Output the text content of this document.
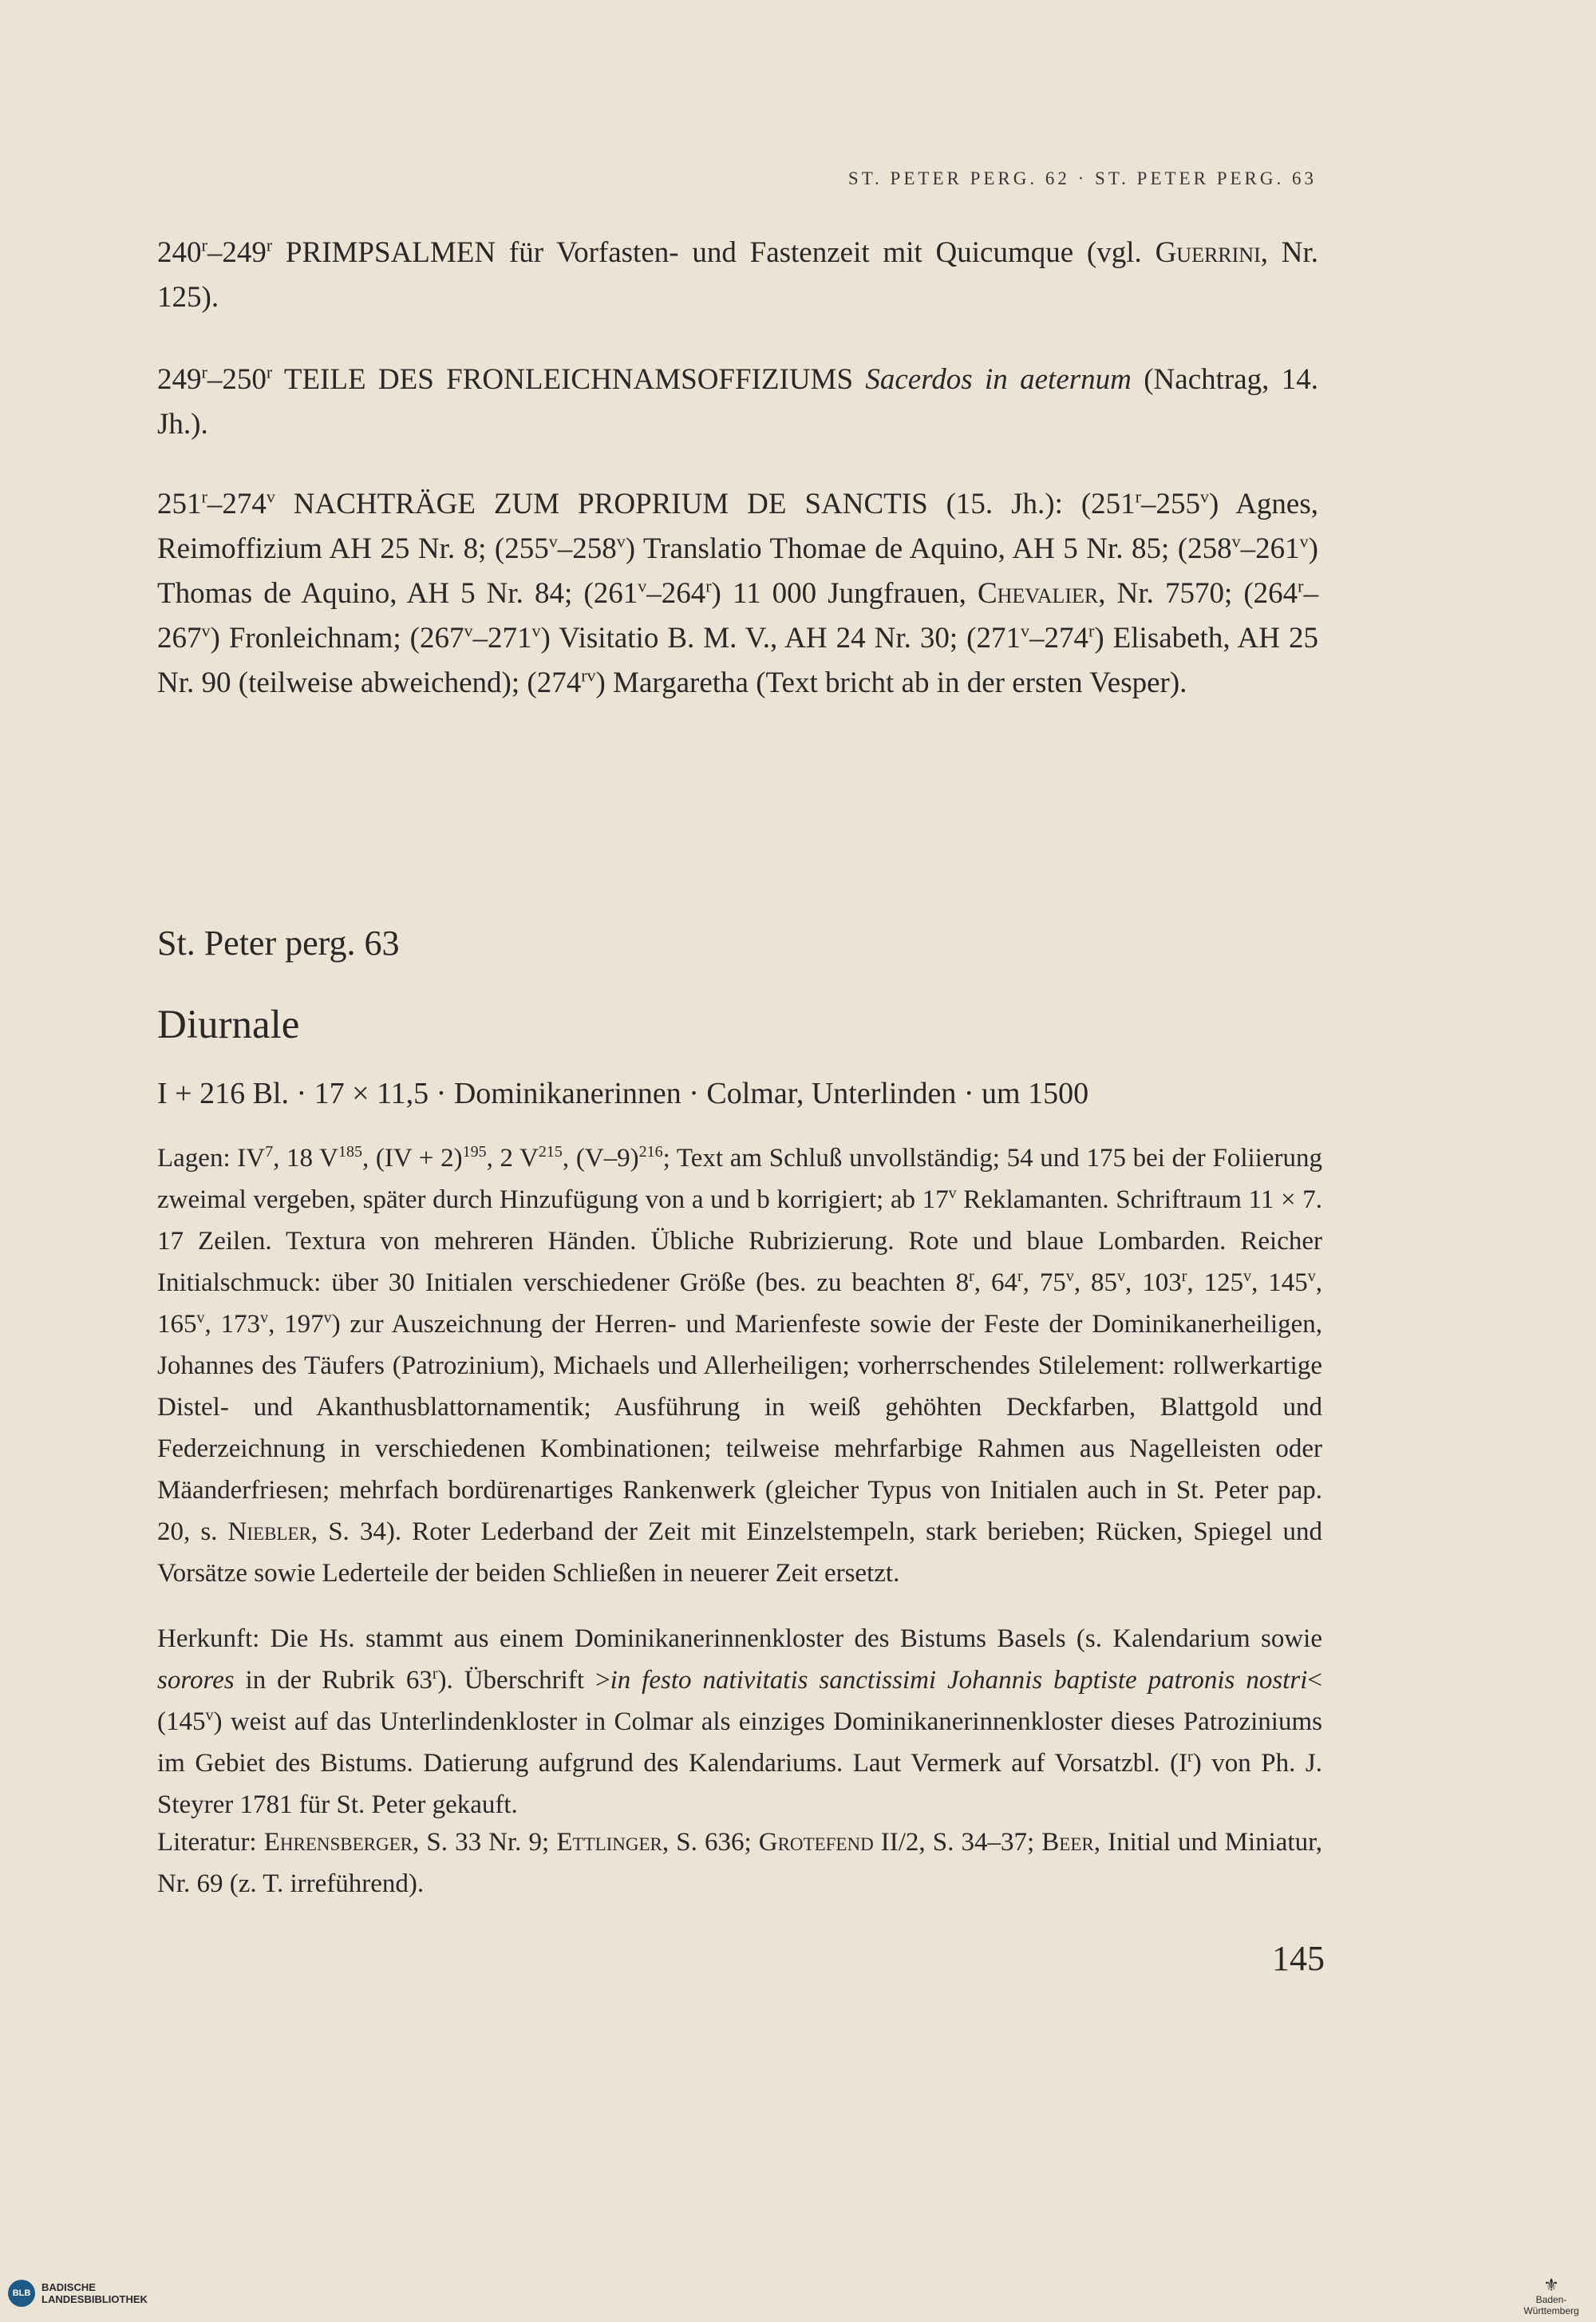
ST. PETER PERG. 62 · ST. PETER PERG. 63

240$^r$–249$^r$ PRIMPSALMEN für Vorfasten- und Fastenzeit mit Quicumque (vgl. Guerrini, Nr. 125).

249$^r$–250$^r$ TEILE DES FRONLEICHNAMSOFFIZIUMS Sacerdos in aeternum (Nachtrag, 14. Jh.).

251$^r$–274$^v$ NACHTRÄGE ZUM PROPRIUM DE SANCTIS (15. Jh.): (251$^r$–255$^v$) Agnes, Reimoffizium AH 25 Nr. 8; (255$^v$–258$^v$) Translatio Thomae de Aquino, AH 5 Nr. 85; (258$^v$–261$^v$) Thomas de Aquino, AH 5 Nr. 84; (261$^v$–264$^r$) 11 000 Jungfrauen, Chevalier, Nr. 7570; (264$^r$–267$^v$) Fronleichnam; (267$^v$–271$^v$) Visitatio B. M. V., AH 24 Nr. 30; (271$^v$–274$^r$) Elisabeth, AH 25 Nr. 90 (teilweise abweichend); $(274^{rv})$ Margaretha (Text bricht ab in der ersten Vesper).

St. Peter perg. 63
Diurnale

I + 216 Bl. · 17 × 11,5 · Dominikanerinnen · Colmar, Unterlinden · um 1500

Lagen: $IV^7$, 18 $V^{185}$, (IV + 2)$^{195}$, 2 $V^{215}$, $(V-9)^{216}$; Text am Schluß unvollständig; 54 und 175 bei der Foliierung zweimal vergeben, später durch Hinzufügung von a und b korrigiert; ab 17$^v$ Reklamanten. Schriftraum 11 × 7. 17 Zeilen. Textura von mehreren Händen. Übliche Rubrizierung. Rote und blaue Lombarden. Reicher Initialschmuck: über 30 Initialen verschiedener Größe (bes. zu beachten 8$^r$, 64$^r$, 75$^v$, 85$^v$, 103$^r$, 125$^v$, 145$^v$, 165$^v$, 173$^v$, 197$^v$) zur Auszeichnung der Herren- und Marienfeste sowie der Feste der Dominikanerheiligen, Johannes des Täufers (Patrozinium), Michaels und Allerheiligen; vorherrschendes Stilelement: rollwerkartige Distel- und Akanthusblattornamentik; Ausführung in weiß gehöhten Deckfarben, Blattgold und Federzeichnung in verschiedenen Kombinationen; teilweise mehrfarbige Rahmen aus Nagelleisten oder Mäanderfriesen; mehrfach bordürenartiges Rankenwerk (gleicher Typus von Initialen auch in St. Peter pap. 20, s. Niebler, S. 34). Roter Lederband der Zeit mit Einzelstempeln, stark berieben; Rücken, Spiegel und Vorsätze sowie Lederteile der beiden Schließen in neuerer Zeit ersetzt.

Herkunft: Die Hs. stammt aus einem Dominikanerinnenkloster des Bistums Basels (s. Kalendarium sowie sorores in der Rubrik 63$^r$). Überschrift >in festo nativitatis sanctissimi Johannis baptiste patronis nostri< $(145^v)$ weist auf das Unterlindenkloster in Colmar als einziges Dominikanerinnenkloster dieses Patroziniums im Gebiet des Bistums. Datierung aufgrund des Kalendariums. Laut Vermerk auf Vorsatzbl. $(I^r)$ von Ph. J. Steyrer 1781 für St. Peter gekauft.

Literatur: Ehrensberger, S. 33 Nr. 9; Ettlinger, S. 636; Grotefend II/2, S. 34–37; Beer, Initial und Miniatur, Nr. 69 (z. T. irreführend).

145
BLB	BADISCHE
LANDESBIBLIOTHEK
⚜
Baden-Württemberg
